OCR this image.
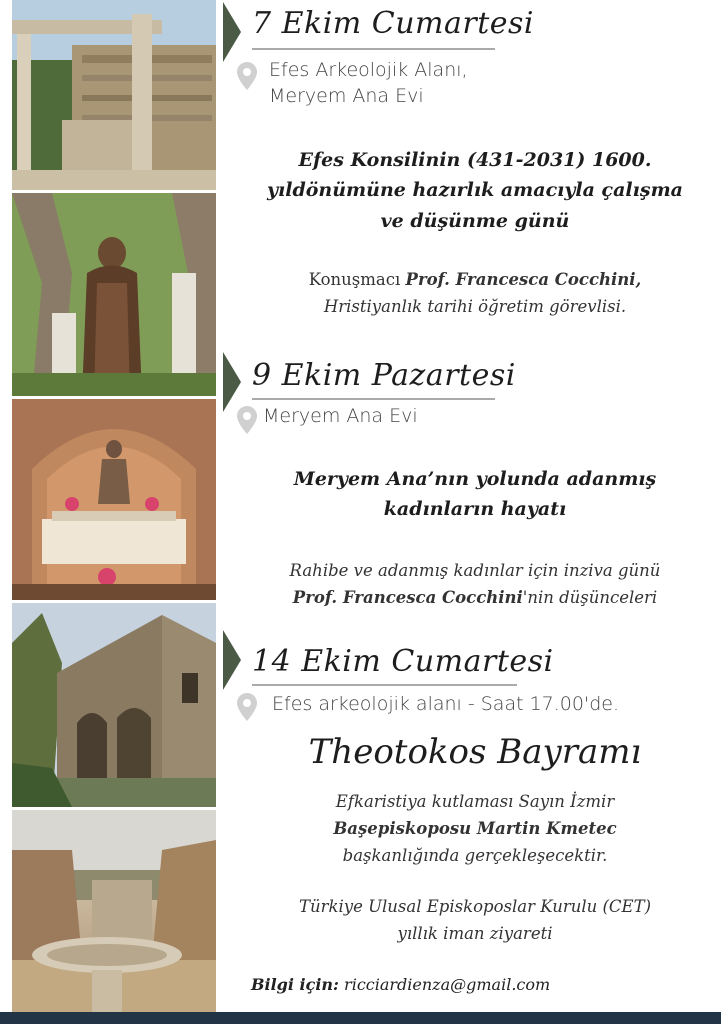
7 Ekim Cumartesi
Efes Arkeolojik Alanı,
Meryem Ana Evi
Efes Konsilinin (431-2031) 1600.
yıldönümüne hazırlık amacıyla çalışma
ve düşünme günü
Konuşmacı Prof. Francesca Cocchini,
Hristiyanlık tarihi öğretim görevlisi.
9 Ekim Pazartesi
Meryem Ana Evi
Meryem Ana’nın yolunda adanmış
kadınların hayatı
Rahibe ve adanmış kadınlar için inziva günü
Prof. Francesca Cocchini'nin düşünceleri
14 Ekim Cumartesi
Efes arkeolojik alanı - Saat 17.00'de.
Theotokos Bayramı
Efkaristiya kutlaması Sayın İzmir
Başepiskoposu Martin Kmetec
başkanlığında gerçekleşecektir.
Türkiye Ulusal Episkoposlar Kurulu (CET)
yıllık iman ziyareti
Bilgi için: ricciardienza@gmail.com
